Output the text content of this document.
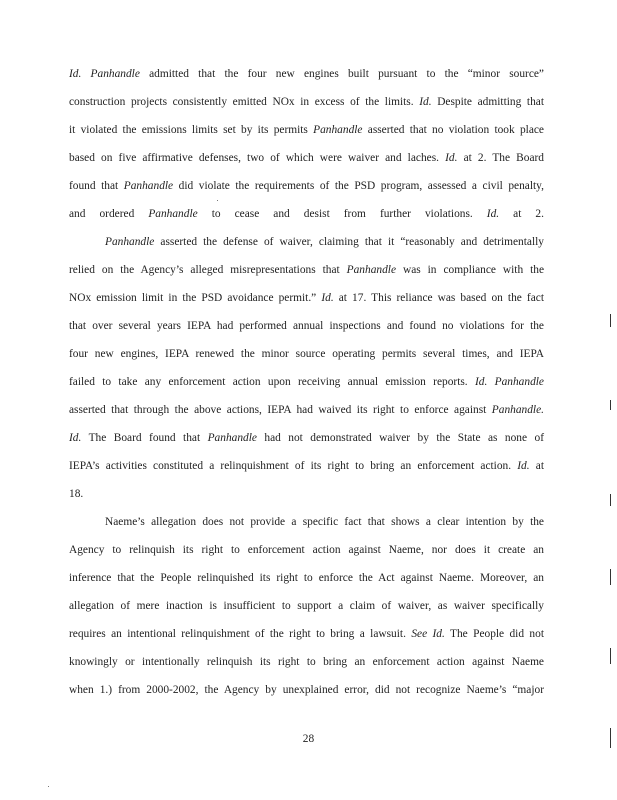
Id. Panhandle admitted that the four new engines built pursuant to the “minor source”
construction projects consistently emitted NOx in excess of the limits. Id. Despite admitting that
it violated the emissions limits set by its permits Panhandle asserted that no violation took place
based on five affirmative defenses, two of which were waiver and laches. Id. at 2. The Board
found that Panhandle did violate the requirements of the PSD program, assessed a civil penalty,
and ordered Panhandle to cease and desist from further violations. Id. at 2.
Panhandle asserted the defense of waiver, claiming that it “reasonably and detrimentally
relied on the Agency’s alleged misrepresentations that Panhandle was in compliance with the
NOx emission limit in the PSD avoidance permit.” Id. at 17. This reliance was based on the fact
that over several years IEPA had performed annual inspections and found no violations for the
four new engines, IEPA renewed the minor source operating permits several times, and IEPA
failed to take any enforcement action upon receiving annual emission reports. Id. Panhandle
asserted that through the above actions, IEPA had waived its right to enforce against Panhandle.
Id. The Board found that Panhandle had not demonstrated waiver by the State as none of
IEPA’s activities constituted a relinquishment of its right to bring an enforcement action. Id. at
18.
Naeme’s allegation does not provide a specific fact that shows a clear intention by the
Agency to relinquish its right to enforcement action against Naeme, nor does it create an
inference that the People relinquished its right to enforce the Act against Naeme. Moreover, an
allegation of mere inaction is insufficient to support a claim of waiver, as waiver specifically
requires an intentional relinquishment of the right to bring a lawsuit. See Id. The People did not
knowingly or intentionally relinquish its right to bring an enforcement action against Naeme
when 1.) from 2000-2002, the Agency by unexplained error, did not recognize Naeme’s “major
28
